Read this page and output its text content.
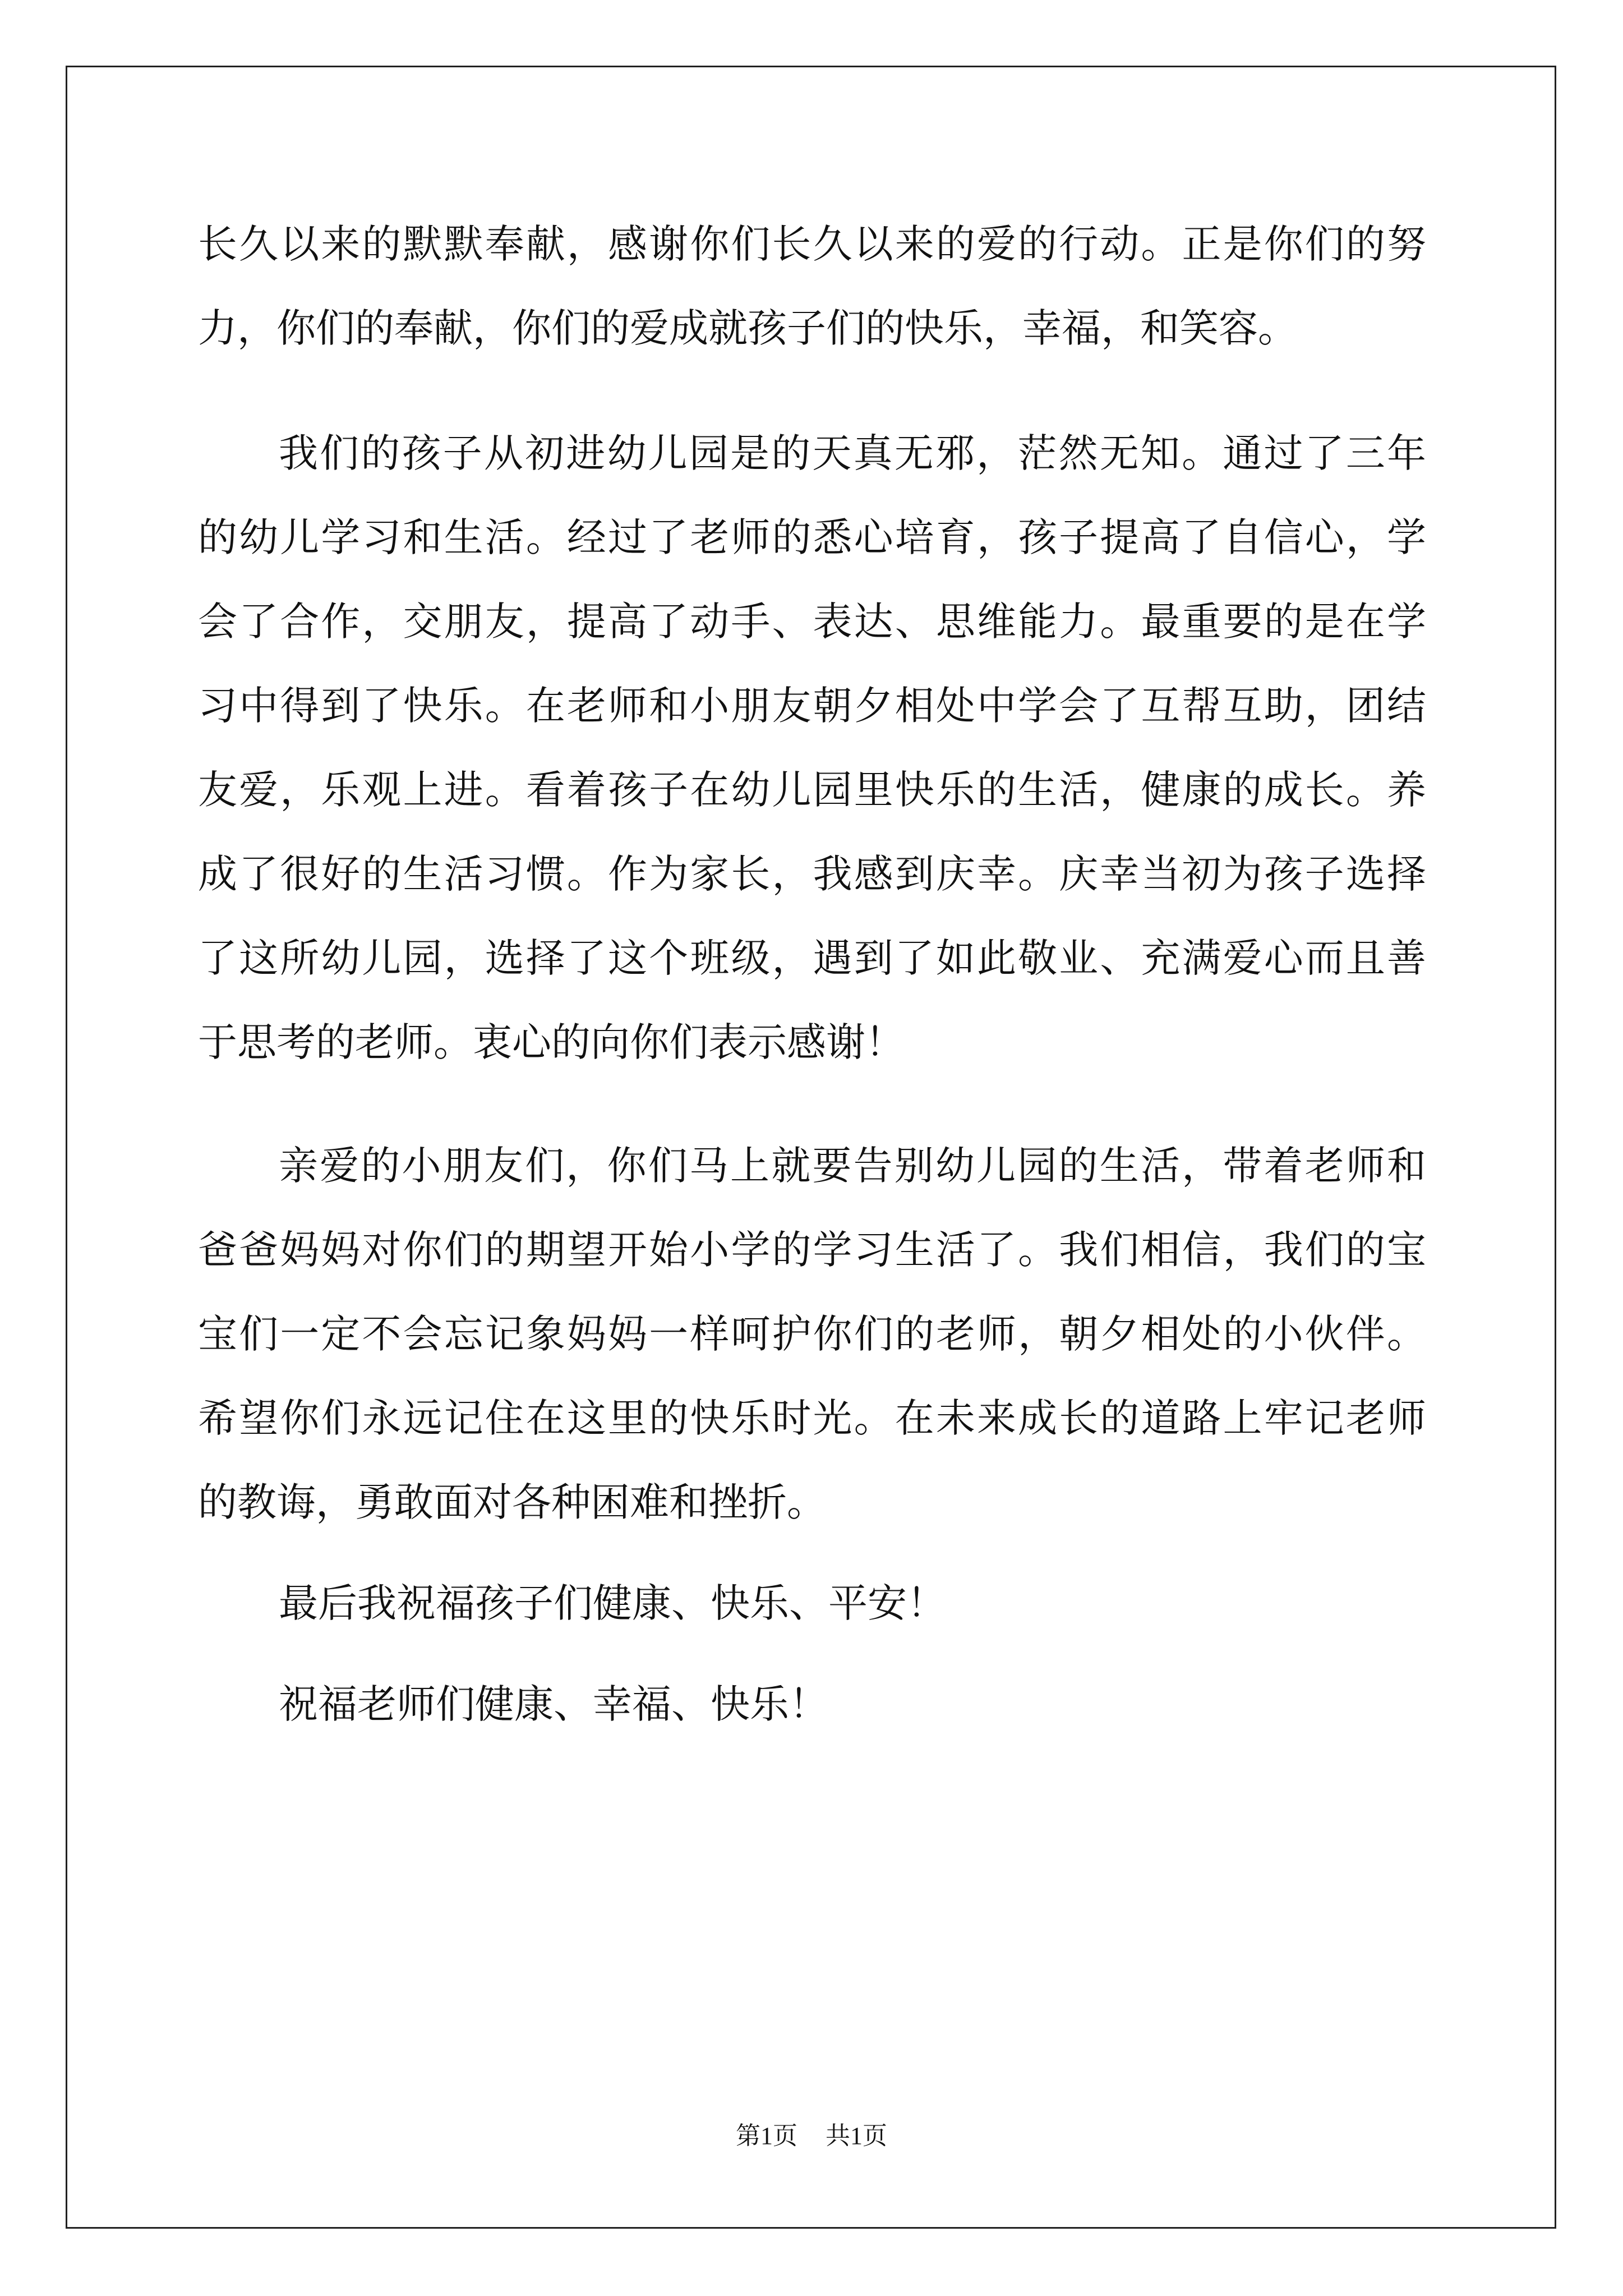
长久以来的默默奉献，感谢你们长久以来的爱的行动。正是你们的努
力，你们的奉献，你们的爱成就孩子们的快乐，幸福，和笑容。
我们的孩子从初进幼儿园是的天真无邪，茫然无知。通过了三年
的幼儿学习和生活。经过了老师的悉心培育，孩子提高了自信心，学
会了合作，交朋友，提高了动手、表达、思维能力。最重要的是在学
习中得到了快乐。在老师和小朋友朝夕相处中学会了互帮互助，团结
友爱，乐观上进。看着孩子在幼儿园里快乐的生活，健康的成长。养
成了很好的生活习惯。作为家长，我感到庆幸。庆幸当初为孩子选择
了这所幼儿园，选择了这个班级，遇到了如此敬业、充满爱心而且善
于思考的老师。衷心的向你们表示感谢！
亲爱的小朋友们，你们马上就要告别幼儿园的生活，带着老师和
爸爸妈妈对你们的期望开始小学的学习生活了。我们相信，我们的宝
宝们一定不会忘记象妈妈一样呵护你们的老师，朝夕相处的小伙伴。
希望你们永远记住在这里的快乐时光。在未来成长的道路上牢记老师
的教诲，勇敢面对各种困难和挫折。
最后我祝福孩子们健康、快乐、平安！
祝福老师们健康、幸福、快乐！
第1页 共1页
